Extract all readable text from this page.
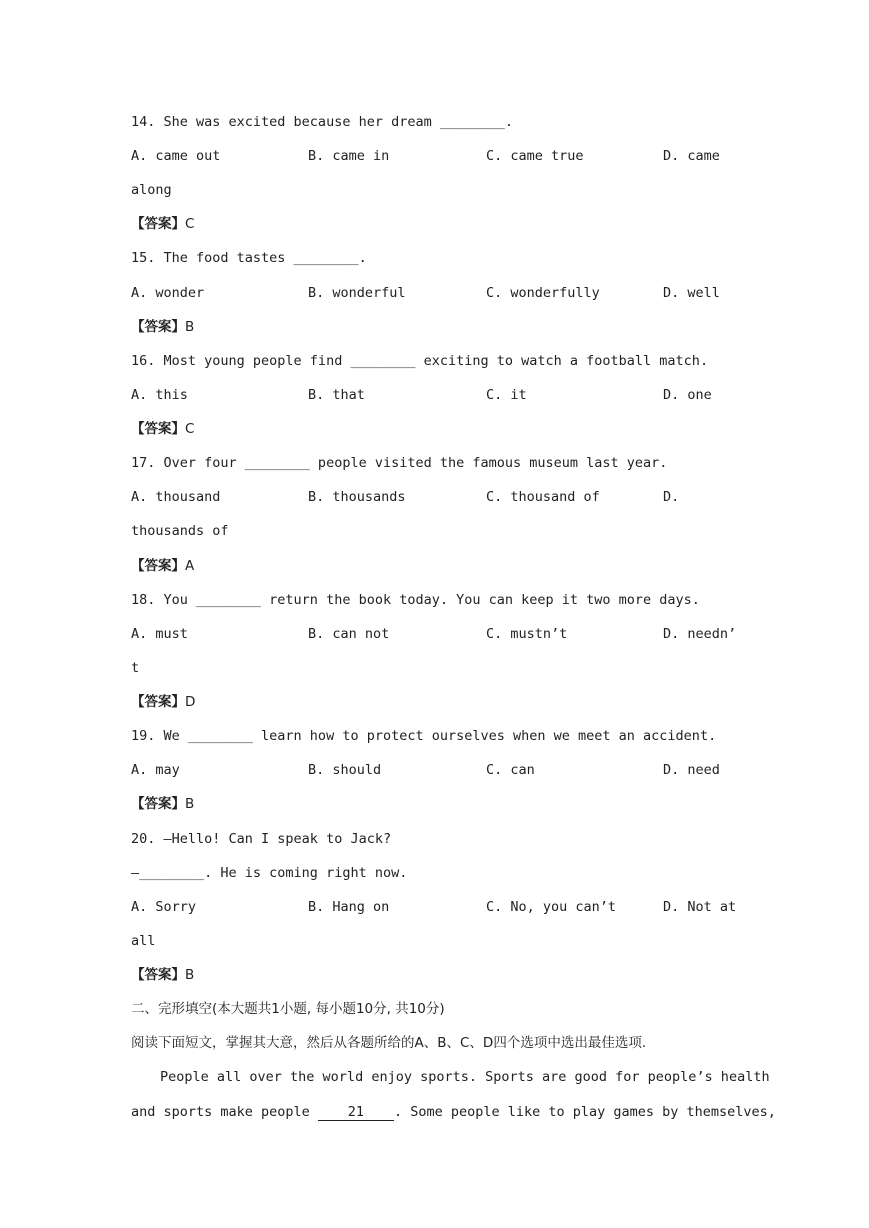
14. She was excited because her dream ________.
A. came out	B. came in	C. came true	D. came
along
【答案】C
15. The food tastes ________.
A. wonder	B. wonderful	C. wonderfully	D. well
【答案】B
16. Most young people find ________ exciting to watch a football match.
A. this	B. that	C. it	D. one
【答案】C
17. Over four ________ people visited the famous museum last year.
A. thousand	B. thousands	C. thousand of	D.
thousands of
【答案】A
18. You ________ return the book today. You can keep it two more days.
A. must	B. can not	C. mustn’t	D. needn’
t
【答案】D
19. We ________ learn how to protect ourselves when we meet an accident.
A. may	B. should	C. can	D. need
【答案】B
20. —Hello! Can I speak to Jack?
—________. He is coming right now.
A. Sorry	B. Hang on	C. No, you can’t	D. Not at
all
【答案】B
二、完形填空(本大题共1小题, 每小题10分, 共10分)
阅读下面短文，掌握其大意，然后从各题所给的A、B、C、D四个选项中选出最佳选项.
People all over the world enjoy sports. Sports are good for people’s health
and sports make people 21 . Some people like to play games by themselves,
